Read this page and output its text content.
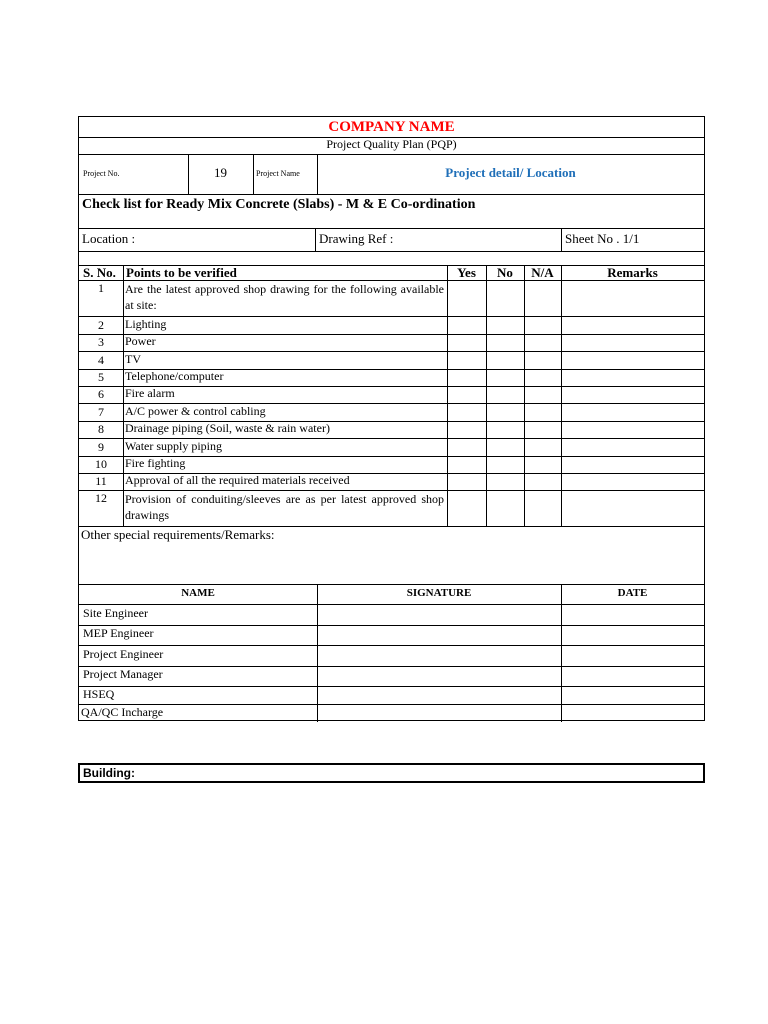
COMPANY NAME
Project Quality Plan (PQP)
Project No.	19	Project Name	Project detail/ Location
Check list for Ready Mix Concrete (Slabs) - M & E Co-ordination
Location :	Drawing Ref :	Sheet No . 1/1
S. No. Points to be verified	Yes	No	N/A	Remarks
1	Are the latest approved shop drawing for the following available at site:
2	Lighting
3	Power
4	TV
5	Telephone/computer
6	Fire alarm
7	A/C power & control cabling
8	Drainage piping (Soil, waste & rain water)
9	Water supply piping
10	Fire fighting
11	Approval of all the required materials received
12	Provision of conduiting/sleeves are as per latest approved shop drawings
Other special requirements/Remarks:
NAME	SIGNATURE	DATE
Site Engineer
MEP Engineer
Project Engineer
Project Manager
HSEQ
QA/QC Incharge
Building:
